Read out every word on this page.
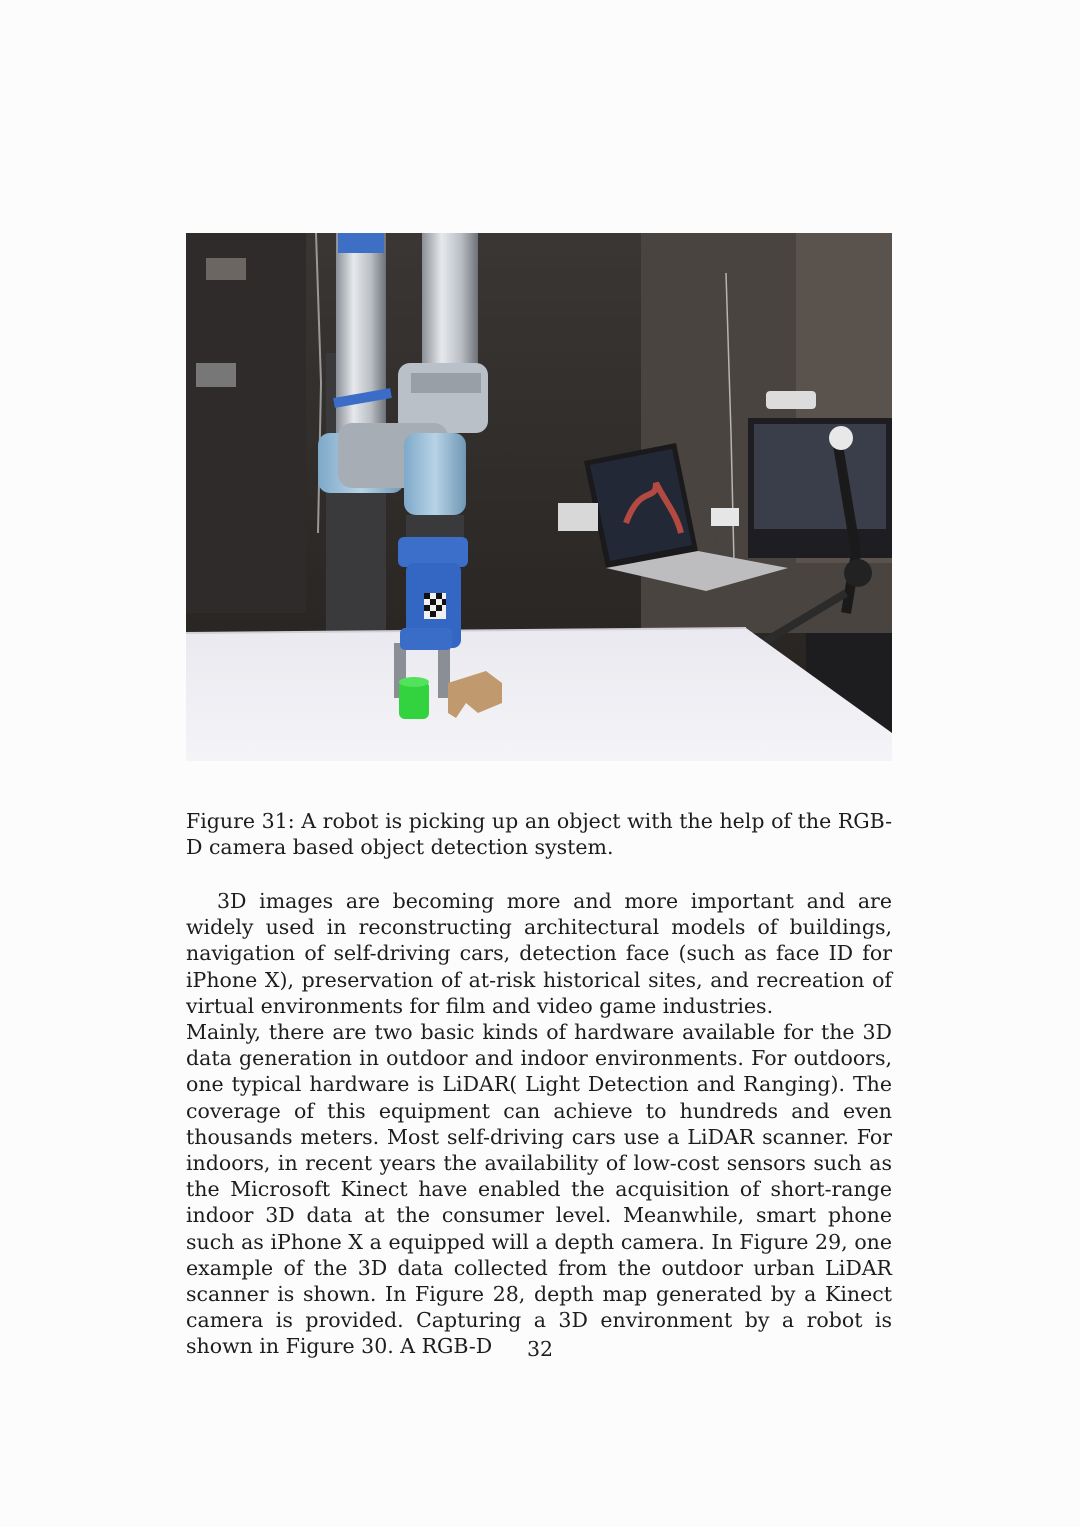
Figure 31: A robot is picking up an object with the help of the RGB-D camera based object detection system.

3D images are becoming more and more important and are widely used in reconstructing architectural models of buildings, navigation of self-driving cars, detection face (such as face ID for iPhone X), preservation of at-risk historical sites, and recreation of virtual environments for film and video game industries.

Mainly, there are two basic kinds of hardware available for the 3D data generation in outdoor and indoor environments. For outdoors, one typical hardware is LiDAR( Light Detection and Ranging). The coverage of this equipment can achieve to hundreds and even thousands meters. Most self-driving cars use a LiDAR scanner. For indoors, in recent years the availability of low-cost sensors such as the Microsoft Kinect have enabled the acquisition of short-range indoor 3D data at the consumer level. Meanwhile, smart phone such as iPhone X a equipped will a depth camera. In Figure 29, one example of the 3D data collected from the outdoor urban LiDAR scanner is shown. In Figure 28, depth map generated by a Kinect camera is provided. Capturing a 3D environment by a robot is shown in Figure 30. A RGB-D	32
